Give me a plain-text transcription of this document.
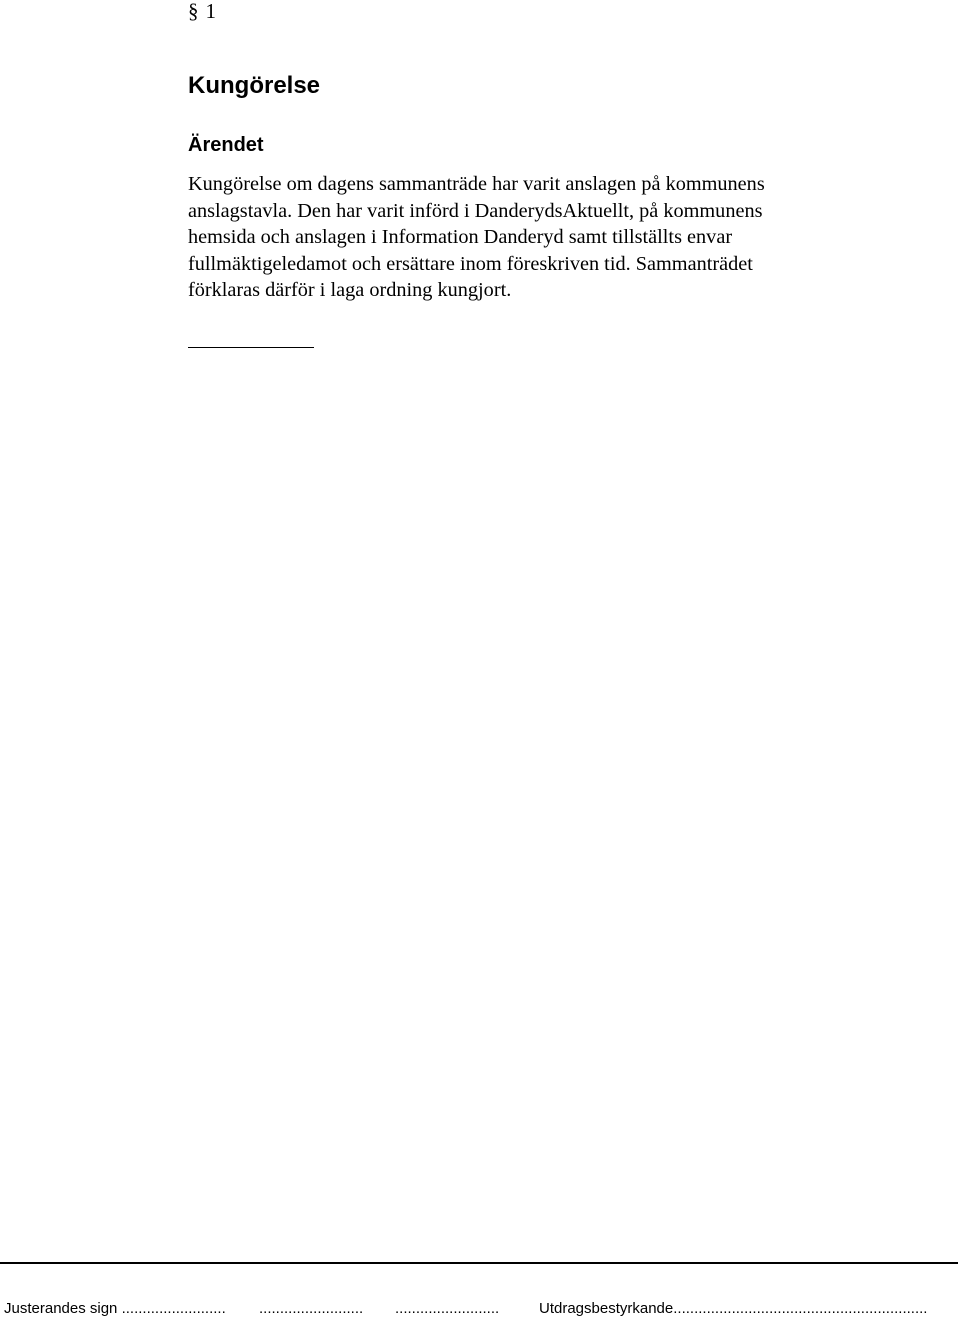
§ 1
Kungörelse
Ärendet

Kungörelse om dagens sammanträde har varit anslagen på kommunens
anslagstavla. Den har varit införd i DanderydsAktuellt, på kommunens
hemsida och anslagen i Information Danderyd samt tillställts envar
fullmäktigeledamot och ersättare inom föreskriven tid. Sammanträdet
förklaras därför i laga ordning kungjort.

Justerandes sign ......................... ......................... .........................	Utdragsbestyrkande.............................................................
